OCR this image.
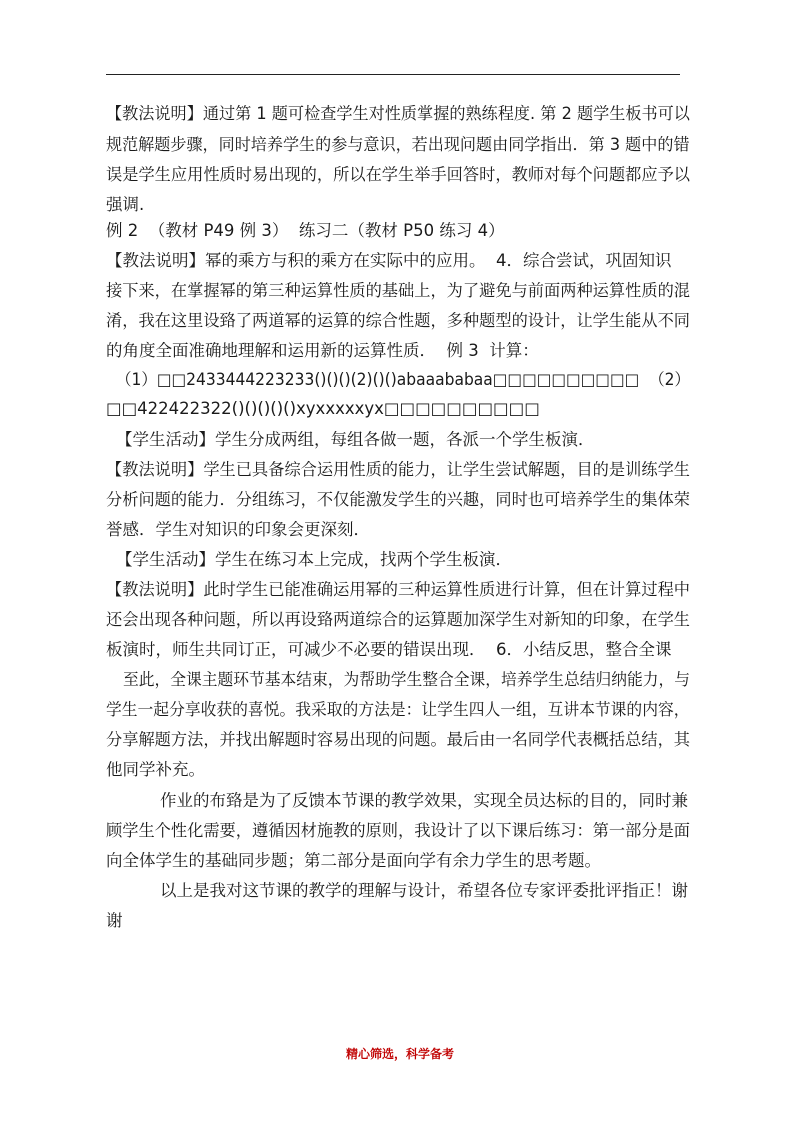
【教法说明】通过第 1 题可检查学生对性质掌握的熟练程度. 第 2 题学生板书可以
规范解题步骤，同时培养学生的参与意识，若出现问题由同学指出．第 3 题中的错
误是学生应用性质时易出现的，所以在学生举手回答时，教师对每个问题都应予以
强调.
例 2  （教材 P49 例 3）  练习二（教材 P50 练习 4）
【教法说明】幂的乘方与积的乘方在实际中的应用。  4．综合尝试，巩固知识
接下来，在掌握幂的第三种运算性质的基础上，为了避免与前面两种运算性质的混
淆，我在这里设臵了两道幂的运算的综合性题，多种题型的设计，让学生能从不同
的角度全面准确地理解和运用新的运算性质．  例 3  计算：
（1）□□2433444223233()()()(2)()()abaaababaa□□□□□□□□□□  （2）
□□422422322()()()()()xyxxxxxyx□□□□□□□□□□
【学生活动】学生分成两组，每组各做一题，各派一个学生板演．
【教法说明】学生已具备综合运用性质的能力，让学生尝试解题，目的是训练学生
分析问题的能力．分组练习，不仅能激发学生的兴趣，同时也可培养学生的集体荣
誉感．学生对知识的印象会更深刻．
【学生活动】学生在练习本上完成，找两个学生板演．
【教法说明】此时学生已能准确运用幂的三种运算性质进行计算，但在计算过程中
还会出现各种问题，所以再设臵两道综合的运算题加深学生对新知的印象，在学生
板演时，师生共同订正，可减少不必要的错误出现．  6．小结反思，整合全课
至此，全课主题环节基本结束，为帮助学生整合全课，培养学生总结归纳能力，与
学生一起分享收获的喜悦。我采取的方法是：让学生四人一组，互讲本节课的内容，
分享解题方法，并找出解题时容易出现的问题。最后由一名同学代表概括总结，其
他同学补充。
作业的布臵是为了反馈本节课的教学效果，实现全员达标的目的，同时兼
顾学生个性化需要，遵循因材施教的原则，我设计了以下课后练习：第一部分是面
向全体学生的基础同步题；第二部分是面向学有余力学生的思考题。
以上是我对这节课的教学的理解与设计，希望各位专家评委批评指正！谢
谢
精心筛选，科学备考
